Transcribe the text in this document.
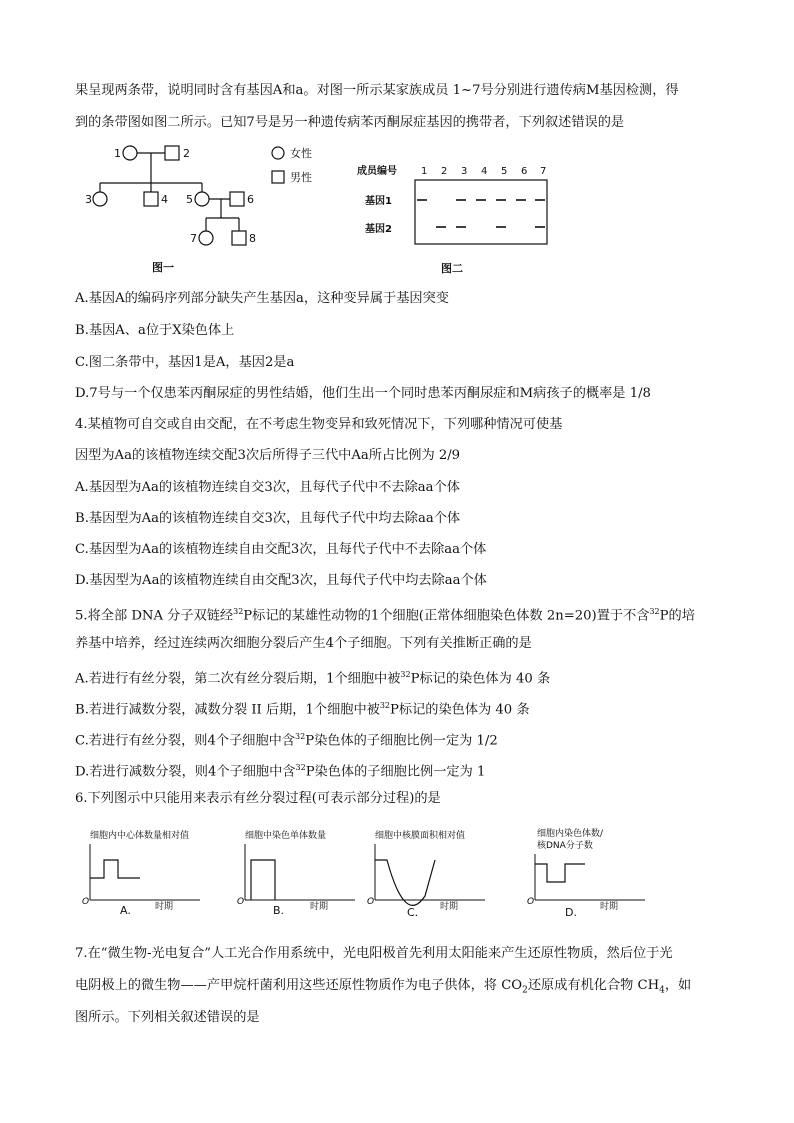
果呈现两条带，说明同时含有基因A和a。对图一所示某家族成员 1~7号分别进行遗传病M基因检测，得
到的条带图如图二所示。已知7号是另一种遗传病苯丙酮尿症基因的携带者，下列叙述错误的是
1	2
3	4 5	6
7	8
女性
男性
图一
成员编号 1 2 3 4 5 6 7
基因1
基因2
图二
A.基因A的编码序列部分缺失产生基因a，这种变异属于基因突变
B.基因A、a位于X染色体上
C.图二条带中，基因1是A，基因2是a
D.7号与一个仅患苯丙酮尿症的男性结婚，他们生出一个同时患苯丙酮尿症和M病孩子的概率是 1/8
4.某植物可自交或自由交配，在不考虑生物变异和致死情况下，下列哪种情况可使基
因型为Aa的该植物连续交配3次后所得子三代中Aa所占比例为 2/9
A.基因型为Aa的该植物连续自交3次，且每代子代中不去除aa个体
B.基因型为Aa的该植物连续自交3次，且每代子代中均去除aa个体
C.基因型为Aa的该植物连续自由交配3次，且每代子代中不去除aa个体
D.基因型为Aa的该植物连续自由交配3次，且每代子代中均去除aa个体
5.将全部 DNA 分子双链经$^{32}$P标记的某雄性动物的1个细胞(正常体细胞染色体数 2n=20)置于不含$^{32}$P的培
养基中培养，经过连续两次细胞分裂后产生4个子细胞。下列有关推断正确的是
A.若进行有丝分裂，第二次有丝分裂后期，1个细胞中被$^{32}$P标记的染色体为 40 条
B.若进行减数分裂，减数分裂 II 后期，1个细胞中被$^{32}$P标记的染色体为 40 条
C.若进行有丝分裂，则4个子细胞中含$^{32}$P染色体的子细胞比例一定为 1/2
D.若进行减数分裂，则4个子细胞中含$^{32}$P染色体的子细胞比例一定为 1
6.下列图示中只能用来表示有丝分裂过程(可表示部分过程)的是
细胞内中心体数量相对值
O	时期
A.
细胞中染色单体数量
O	时期
B.
细胞中核膜面积相对值
O	时期
C.
细胞内染色体数/
核DNA分子数
O	时期
D.
7.在“微生物-光电复合”人工光合作用系统中，光电阳极首先利用太阳能来产生还原性物质，然后位于光
电阴极上的微生物——产甲烷杆菌利用这些还原性物质作为电子供体，将 $CO_2$还原成有机化合物 $CH_4$，如
图所示。下列相关叙述错误的是
